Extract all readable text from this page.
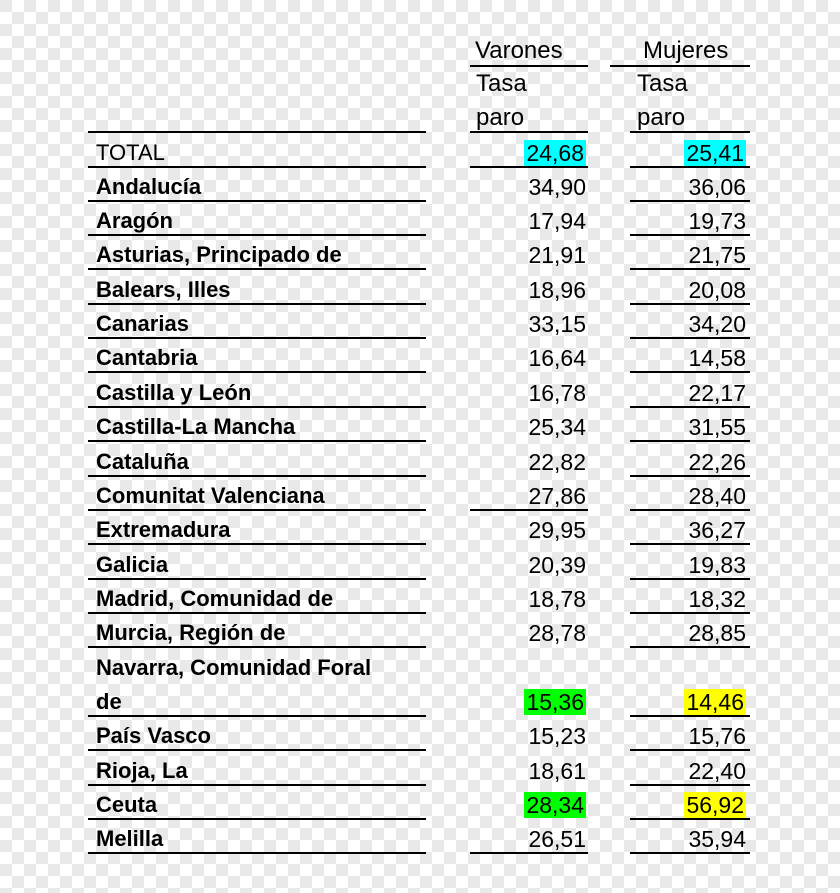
Varones	Mujeres
Tasa
paro
Tasa
paro
TOTAL	24,68	25,41
Andalucía	34,90	36,06
Aragón	17,94	19,73
Asturias, Principado de	21,91	21,75
Balears, Illes	18,96	20,08
Canarias	33,15	34,20
Cantabria	16,64	14,58
Castilla y León	16,78	22,17
Castilla-La Mancha	25,34	31,55
Cataluña	22,82	22,26
Comunitat Valenciana	27,86	28,40
Extremadura	29,95	36,27
Galicia	20,39	19,83
Madrid, Comunidad de	18,78	18,32
Murcia, Región de	28,78	28,85
Navarra, Comunidad Foral
de	15,36	14,46
País Vasco	15,23	15,76
Rioja, La	18,61	22,40
Ceuta	28,34	56,92
Melilla	26,51	35,94
